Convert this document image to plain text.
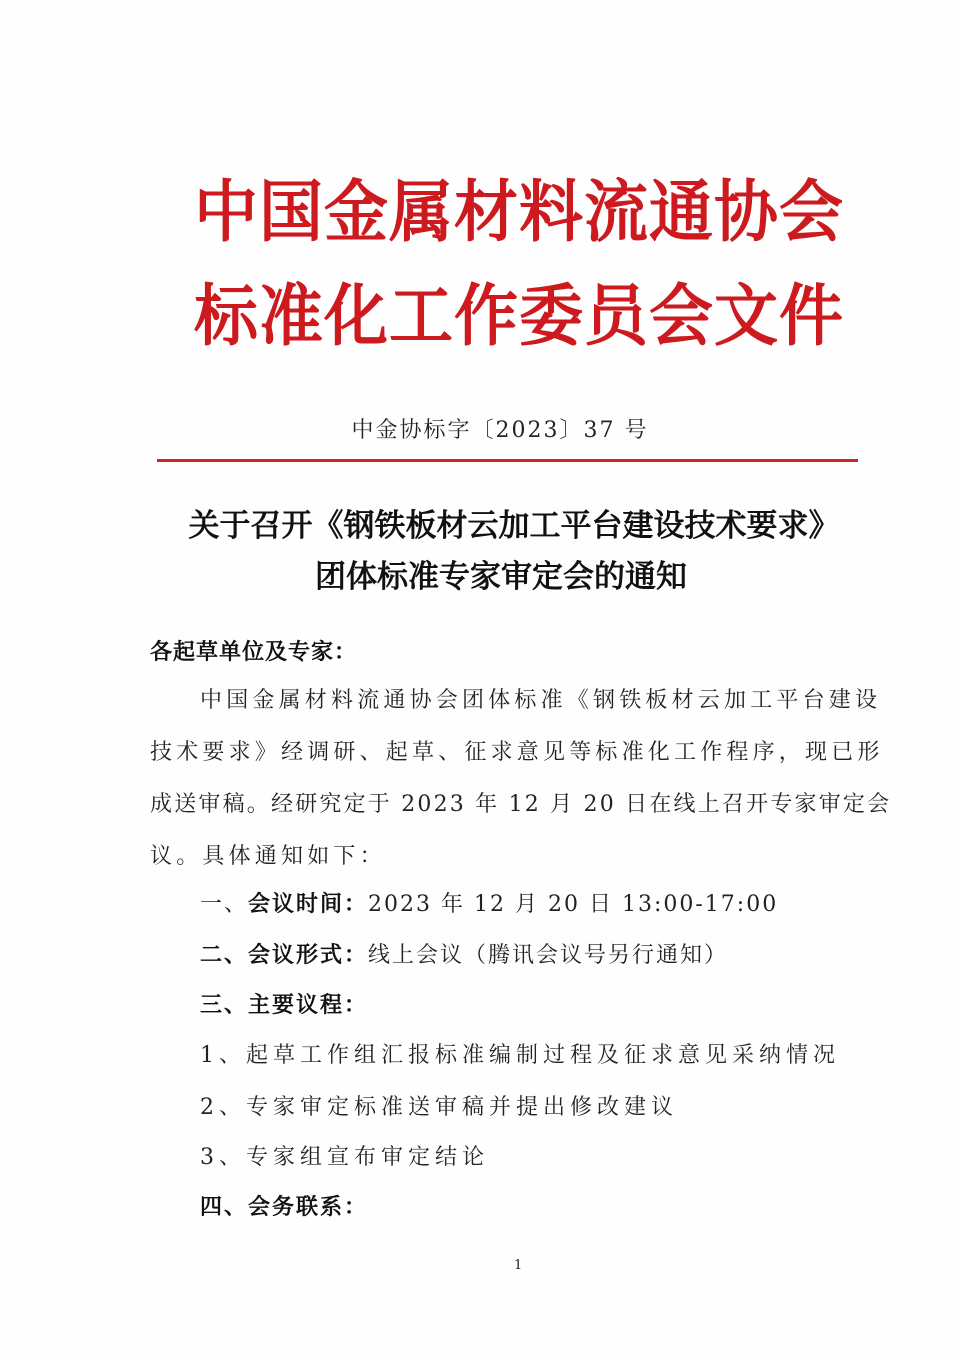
中国金属材料流通协会
标准化工作委员会文件
中金协标字〔2023〕37 号
关于召开《钢铁板材云加工平台建设技术要求》
团体标准专家审定会的通知
各起草单位及专家：
中国金属材料流通协会团体标准《钢铁板材云加工平台建设
技术要求》经调研、起草、征求意见等标准化工作程序，现已形
成送审稿。经研究定于 2023 年 12 月 20 日在线上召开专家审定会
议。具体通知如下：
一、会议时间：2023 年 12 月 20 日 13:00-17:00
二、会议形式：线上会议（腾讯会议号另行通知）
三、主要议程：
1、起草工作组汇报标准编制过程及征求意见采纳情况
2、专家审定标准送审稿并提出修改建议
3、专家组宣布审定结论
四、会务联系：
1
